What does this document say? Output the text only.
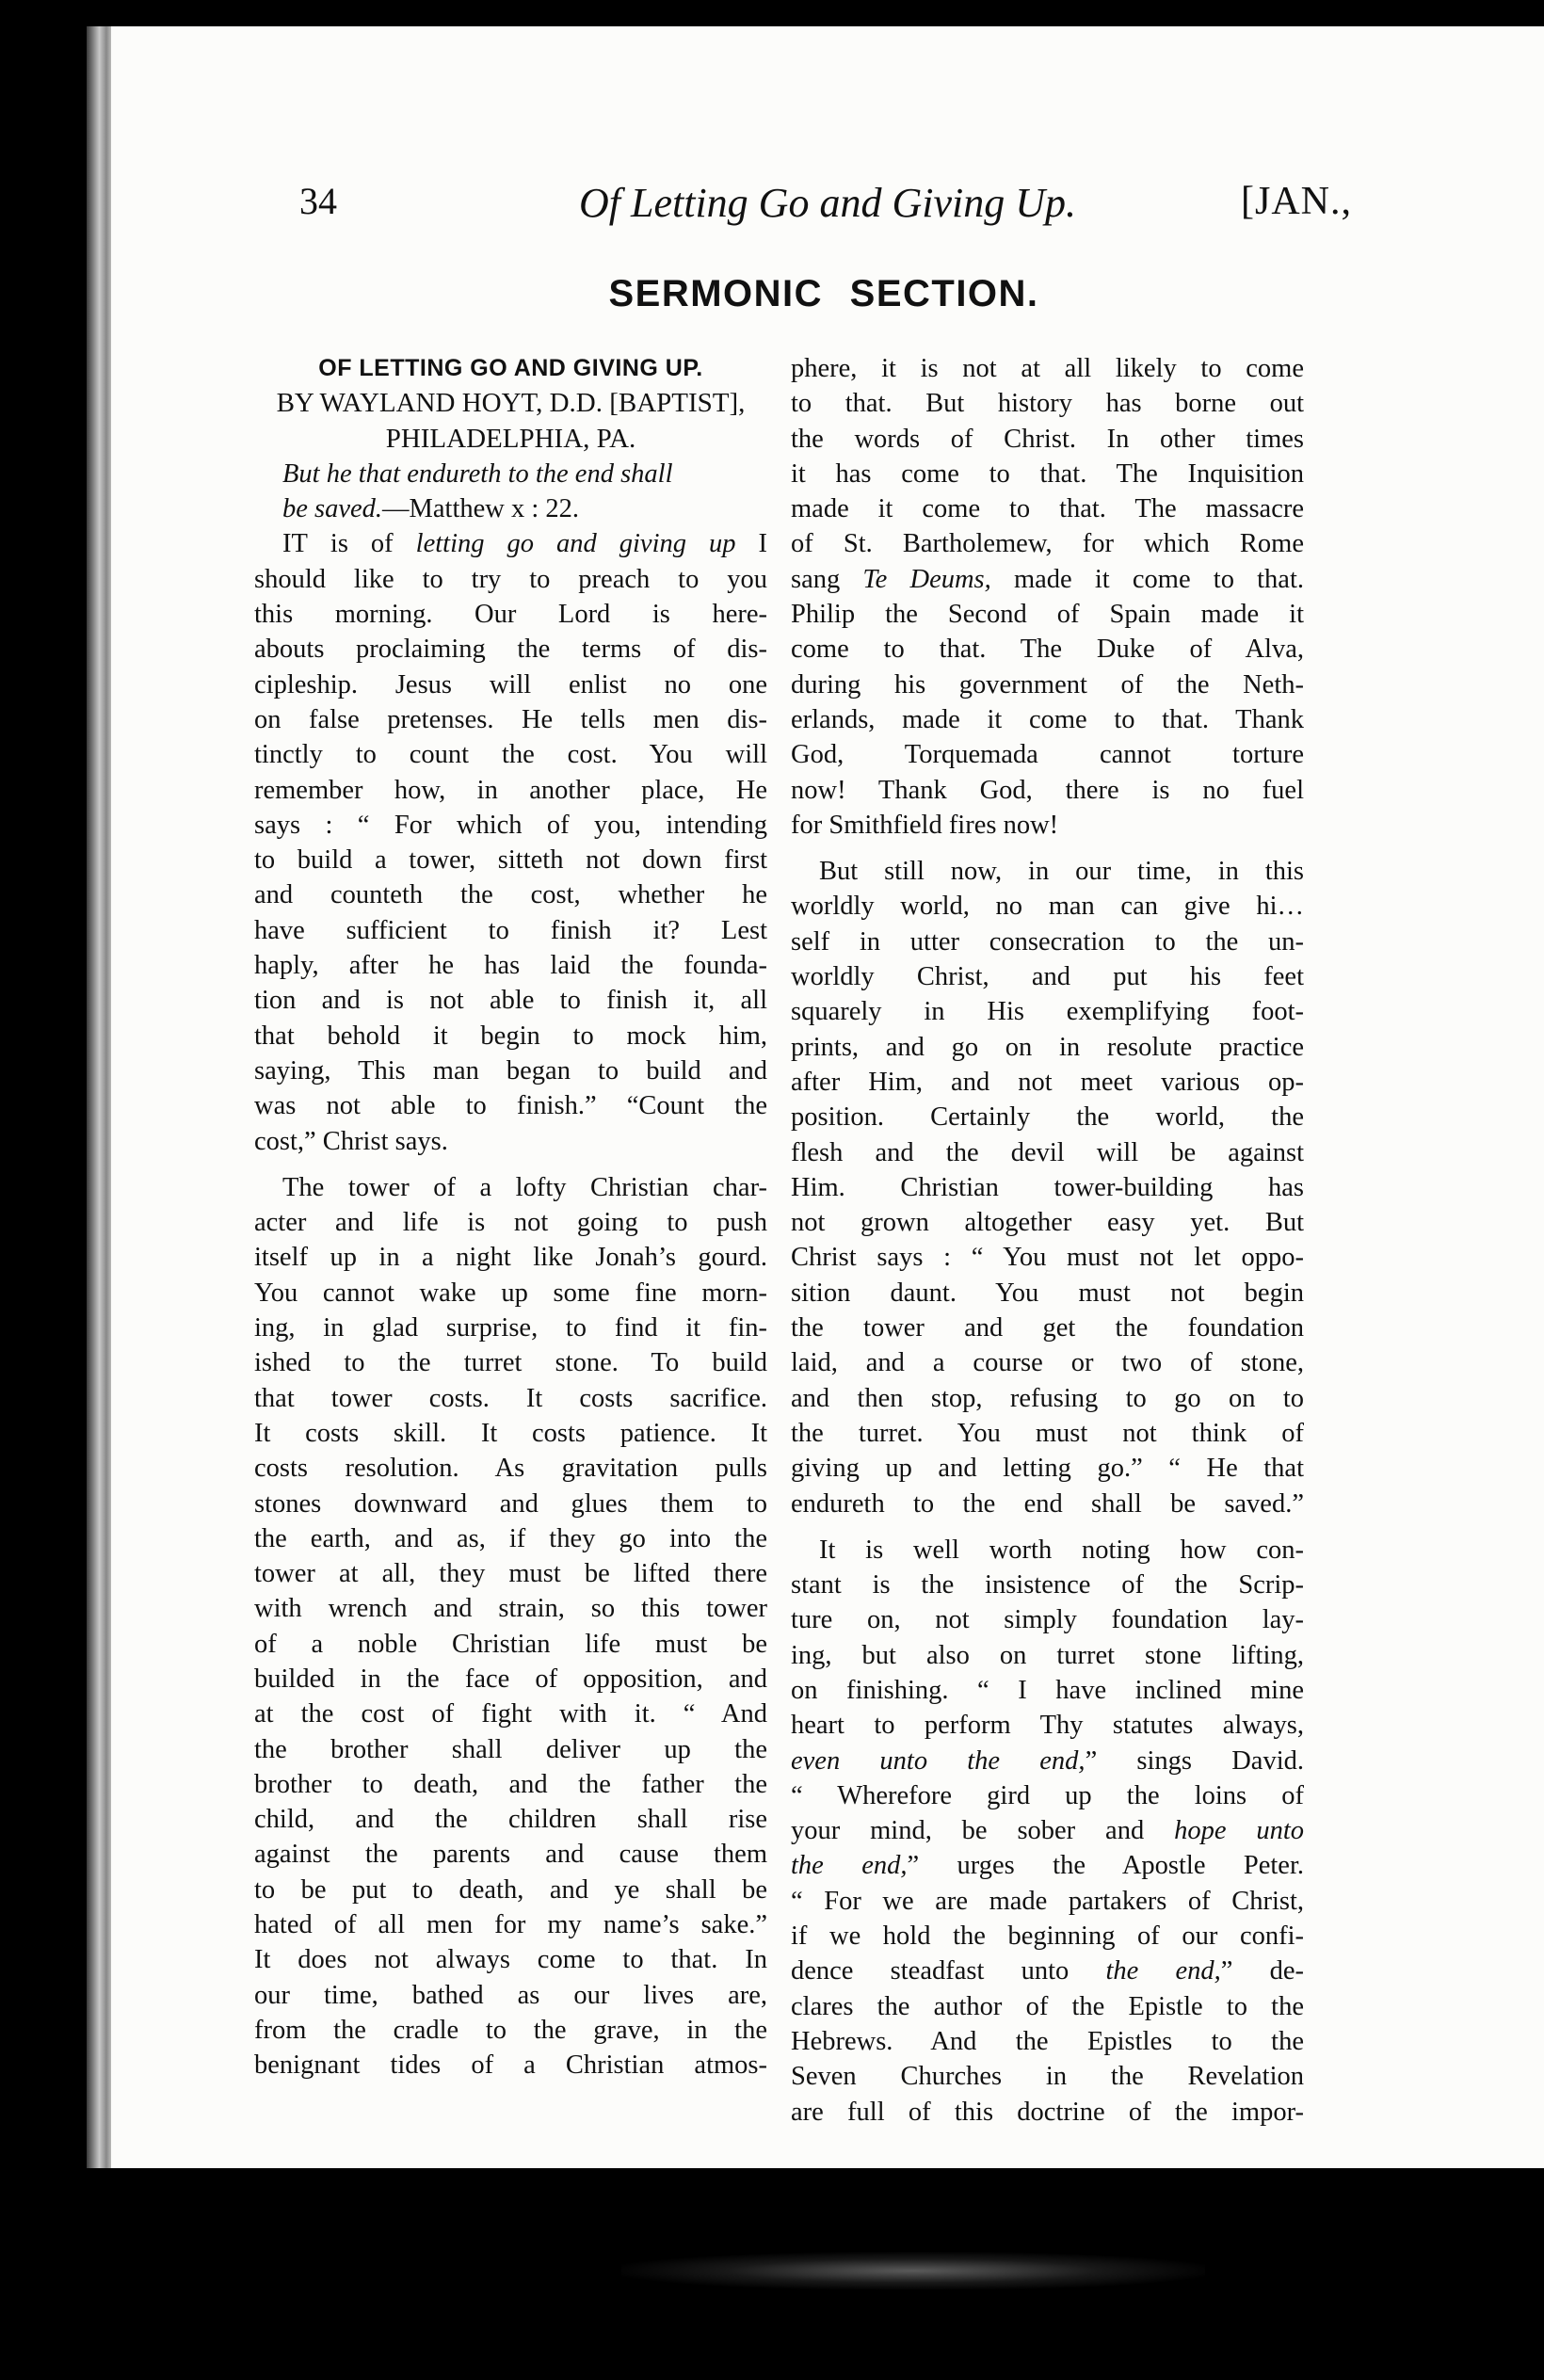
34	Of Letting Go and Giving Up.	[JAN.,
SERMONIC SECTION.
OF LETTING GO AND GIVING UP.
BY WAYLAND HOYT, D.D. [BAPTIST],
PHILADELPHIA, PA.
But he that endureth to the end shall
be saved.—Matthew x : 22.
IT is of letting go and giving up I
should like to try to preach to you
this morning. Our Lord is here-
abouts proclaiming the terms of dis-
cipleship. Jesus will enlist no one
on false pretenses. He tells men dis-
tinctly to count the cost. You will
remember how, in another place, He
says : “ For which of you, intending
to build a tower, sitteth not down first
and counteth the cost, whether he
have sufficient to finish it? Lest
haply, after he has laid the founda-
tion and is not able to finish it, all
that behold it begin to mock him,
saying, This man began to build and
was not able to finish.” “Count the
cost,” Christ says.
The tower of a lofty Christian char-
acter and life is not going to push
itself up in a night like Jonah’s gourd.
You cannot wake up some fine morn-
ing, in glad surprise, to find it fin-
ished to the turret stone. To build
that tower costs. It costs sacrifice.
It costs skill. It costs patience. It
costs resolution. As gravitation pulls
stones downward and glues them to
the earth, and as, if they go into the
tower at all, they must be lifted there
with wrench and strain, so this tower
of a noble Christian life must be
builded in the face of opposition, and
at the cost of fight with it. “ And
the brother shall deliver up the
brother to death, and the father the
child, and the children shall rise
against the parents and cause them
to be put to death, and ye shall be
hated of all men for my name’s sake.”
It does not always come to that. In
our time, bathed as our lives are,
from the cradle to the grave, in the
benignant tides of a Christian atmos-
phere, it is not at all likely to come
to that. But history has borne out
the words of Christ. In other times
it has come to that. The Inquisition
made it come to that. The massacre
of St. Bartholemew, for which Rome
sang Te Deums, made it come to that.
Philip the Second of Spain made it
come to that. The Duke of Alva,
during his government of the Neth-
erlands, made it come to that. Thank
God, Torquemada cannot torture
now! Thank God, there is no fuel
for Smithfield fires now!
But still now, in our time, in this
worldly world, no man can give hi…
self in utter consecration to the un-
worldly Christ, and put his feet
squarely in His exemplifying foot-
prints, and go on in resolute practice
after Him, and not meet various op-
position. Certainly the world, the
flesh and the devil will be against
Him. Christian tower-building has
not grown altogether easy yet. But
Christ says : “ You must not let oppo-
sition daunt. You must not begin
the tower and get the foundation
laid, and a course or two of stone,
and then stop, refusing to go on to
the turret. You must not think of
giving up and letting go.” “ He that
endureth to the end shall be saved.”
It is well worth noting how con-
stant is the insistence of the Scrip-
ture on, not simply foundation lay-
ing, but also on turret stone lifting,
on finishing. “ I have inclined mine
heart to perform Thy statutes always,
even unto the end,” sings David.
“ Wherefore gird up the loins of
your mind, be sober and hope unto
the end,” urges the Apostle Peter.
“ For we are made partakers of Christ,
if we hold the beginning of our confi-
dence steadfast unto the end,” de-
clares the author of the Epistle to the
Hebrews. And the Epistles to the
Seven Churches in the Revelation
are full of this doctrine of the impor-
